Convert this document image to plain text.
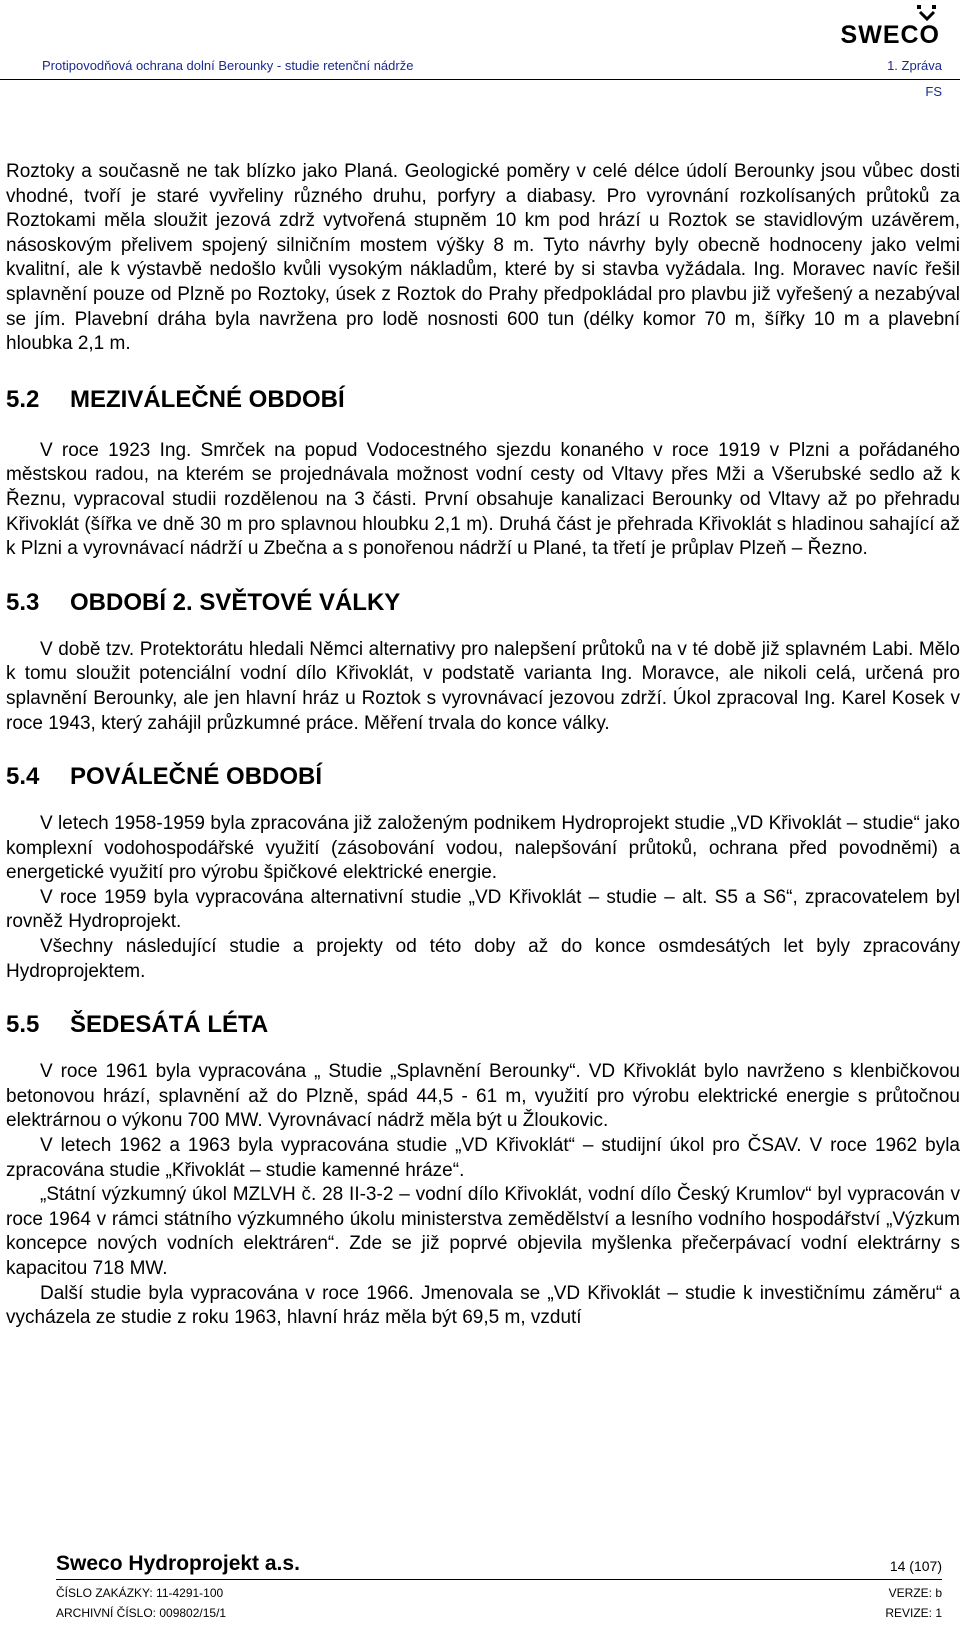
SWECO
Protipovodňová ochrana dolní Berounky - studie retenční nádrže	1. Zpráva
FS

Roztoky a současně ne tak blízko jako Planá. Geologické poměry v celé délce údolí Berounky jsou vůbec dosti vhodné, tvoří je staré vyvřeliny různého druhu, porfyry a diabasy. Pro vyrovnání rozkolísaných průtoků za Roztokami měla sloužit jezová zdrž vytvořená stupněm 10 km pod hrází u Roztok se stavidlovým uzávěrem, násoskovým přelivem spojený silničním mostem výšky 8 m. Tyto návrhy byly obecně hodnoceny jako velmi kvalitní, ale k výstavbě nedošlo kvůli vysokým nákladům, které by si stavba vyžádala. Ing. Moravec navíc řešil splavnění pouze od Plzně po Roztoky, úsek z Roztok do Prahy předpokládal pro plavbu již vyřešený a nezabýval se jím. Plavební dráha byla navržena pro lodě nosnosti 600 tun (délky komor 70 m, šířky 10 m a plavební hloubka 2,1 m.

5.2	MEZIVÁLEČNÉ OBDOBÍ

V roce 1923 Ing. Smrček na popud Vodocestného sjezdu konaného v roce 1919 v Plzni a pořádaného městskou radou, na kterém se projednávala možnost vodní cesty od Vltavy přes Mži a Všerubské sedlo až k Řeznu, vypracoval studii rozdělenou na 3 části. První obsahuje kanalizaci Berounky od Vltavy až po přehradu Křivoklát (šířka ve dně 30 m pro splavnou hloubku 2,1 m). Druhá část je přehrada Křivoklát s hladinou sahající až k Plzni a vyrovnávací nádrží u Zbečna a s ponořenou nádrží u Plané, ta třetí je průplav Plzeň – Řezno.

5.3	OBDOBÍ 2. SVĚTOVÉ VÁLKY

V době tzv. Protektorátu hledali Němci alternativy pro nalepšení průtoků na v té době již splavném Labi. Mělo k tomu sloužit potenciální vodní dílo Křivoklát, v podstatě varianta Ing. Moravce, ale nikoli celá, určená pro splavnění Berounky, ale jen hlavní hráz u Roztok s vyrovnávací jezovou zdrží. Úkol zpracoval Ing. Karel Kosek v roce 1943, který zahájil průzkumné práce. Měření trvala do konce války.

5.4	POVÁLEČNÉ OBDOBÍ

V letech 1958-1959 byla zpracována již založeným podnikem Hydroprojekt studie „VD Křivoklát – studie“ jako komplexní vodohospodářské využití (zásobování vodou, nalepšování průtoků, ochrana před povodněmi) a energetické využití pro výrobu špičkové elektrické energie.

V roce 1959 byla vypracována alternativní studie „VD Křivoklát – studie – alt. S5 a S6“, zpracovatelem byl rovněž Hydroprojekt.

Všechny následující studie a projekty od této doby až do konce osmdesátých let byly zpracovány Hydroprojektem.

5.5	ŠEDESÁTÁ LÉTA

V roce 1961 byla vypracována „ Studie „Splavnění Berounky“. VD Křivoklát bylo navrženo s klenbičkovou betonovou hrází, splavnění až do Plzně, spád 44,5 - 61 m, využití pro výrobu elektrické energie s průtočnou elektrárnou o výkonu 700 MW. Vyrovnávací nádrž měla být u Žloukovic.

V letech 1962 a 1963 byla vypracována studie „VD Křivoklát“ – studijní úkol pro ČSAV. V roce 1962 byla zpracována studie „Křivoklát – studie kamenné hráze“.

„Státní výzkumný úkol MZLVH č. 28 II-3-2 – vodní dílo Křivoklát, vodní dílo Český Krumlov“ byl vypracován v roce 1964 v rámci státního výzkumného úkolu ministerstva zemědělství a lesního vodního hospodářství „Výzkum koncepce nových vodních elektráren“. Zde se již poprvé objevila myšlenka přečerpávací vodní elektrárny s kapacitou 718 MW.

Další studie byla vypracována v roce 1966. Jmenovala se „VD Křivoklát – studie k investičnímu záměru“ a vycházela ze studie z roku 1963, hlavní hráz měla být 69,5 m, vzdutí

Sweco Hydroprojekt a.s.	14 (107)
ČÍSLO ZAKÁZKY: 11-4291-100
ARCHIVNÍ ČÍSLO: 009802/15/1
VERZE: b
REVIZE: 1
